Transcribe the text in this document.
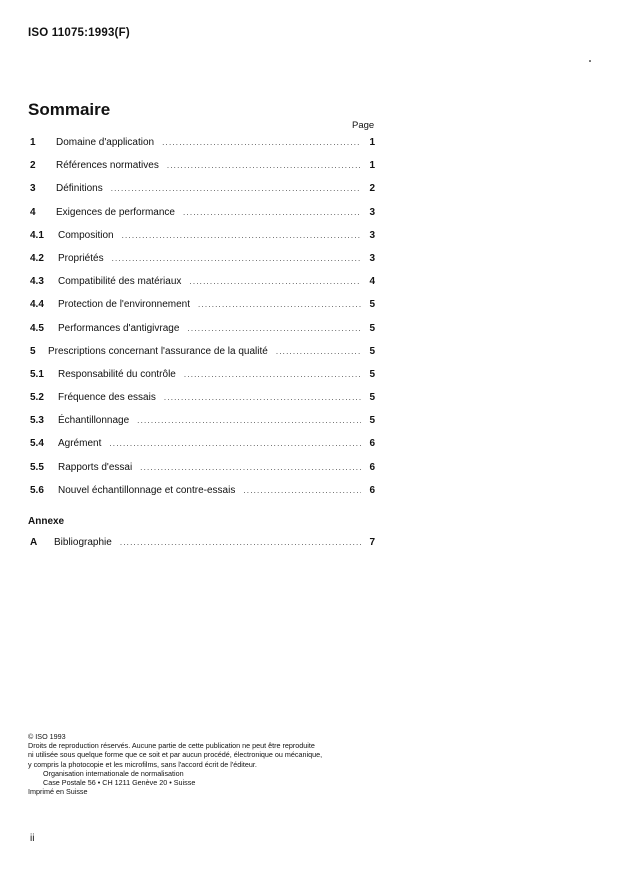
ISO 11075:1993(F)
Sommaire
Page
1	Domaine d'application .....	1
2	Références normatives .....	1
3	Définitions .....	2
4	Exigences de performance .....	3
4.1	Composition .....	3
4.2	Propriétés .....	3
4.3	Compatibilité des matériaux .....	4
4.4	Protection de l'environnement .....	5
4.5	Performances d'antigivrage .....	5
5	Prescriptions concernant l'assurance de la qualité .....	5
5.1	Responsabilité du contrôle .....	5
5.2	Fréquence des essais .....	5
5.3	Échantillonnage .....	5
5.4	Agrément .....	6
5.5	Rapports d'essai .....	6
5.6	Nouvel échantillonnage et contre-essais .....	6
Annexe
A	Bibliographie .....	7
© ISO 1993
Droits de reproduction réservés. Aucune partie de cette publication ne peut être reproduite
ni utilisée sous quelque forme que ce soit et par aucun procédé, électronique ou mécanique,
y compris la photocopie et les microfilms, sans l'accord écrit de l'éditeur.
Organisation internationale de normalisation
Case Postale 56 • CH 1211 Genève 20 • Suisse
Imprimé en Suisse
ii
